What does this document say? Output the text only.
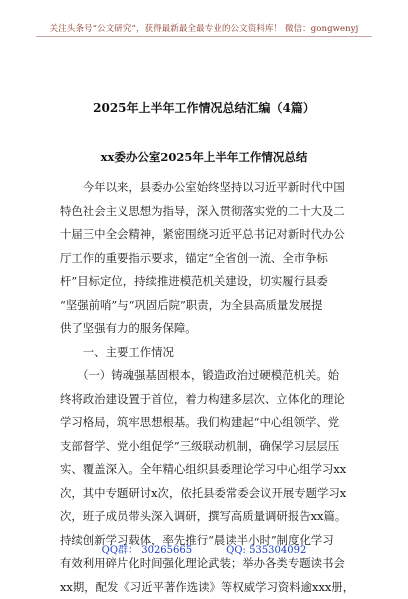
关注头条号“公文研究”，获得最新最全最专业的公文资料库！ 微信：gongwenyj
2025年上半年工作情况总结汇编（4篇）
xx委办公室2025年上半年工作情况总结
　　今年以来，县委办公室始终坚持以习近平新时代中国
特色社会主义思想为指导，深入贯彻落实党的二十大及二
十届三中全会精神，紧密围绕习近平总书记对新时代办公
厅工作的重要指示要求，锚定“全省创一流、全市争标
杆”目标定位，持续推进模范机关建设，切实履行县委
“坚强前哨”与“巩固后院”职责，为全县高质量发展提
供了坚强有力的服务保障。
　　一、主要工作情况
　　（一）铸魂强基固根本，锻造政治过硬模范机关。始
终将政治建设置于首位，着力构建多层次、立体化的理论
学习格局，筑牢思想根基。我们构建起“中心组领学、党
支部督学、党小组促学”三级联动机制，确保学习层层压
实、覆盖深入。全年精心组织县委理论学习中心组学习xx
次，其中专题研讨x次，依托县委常委会议开展专题学习x
次，班子成员带头深入调研，撰写高质量调研报告xx篇。
持续创新学习载体，率先推行“晨读半小时”制度化学习
有效利用碎片化时间强化理论武装；举办各类专题读书会
xx期，配发《习近平著作选读》等权威学习资料逾xxx册，
QQ群： 30265665	QQ: 535304092
